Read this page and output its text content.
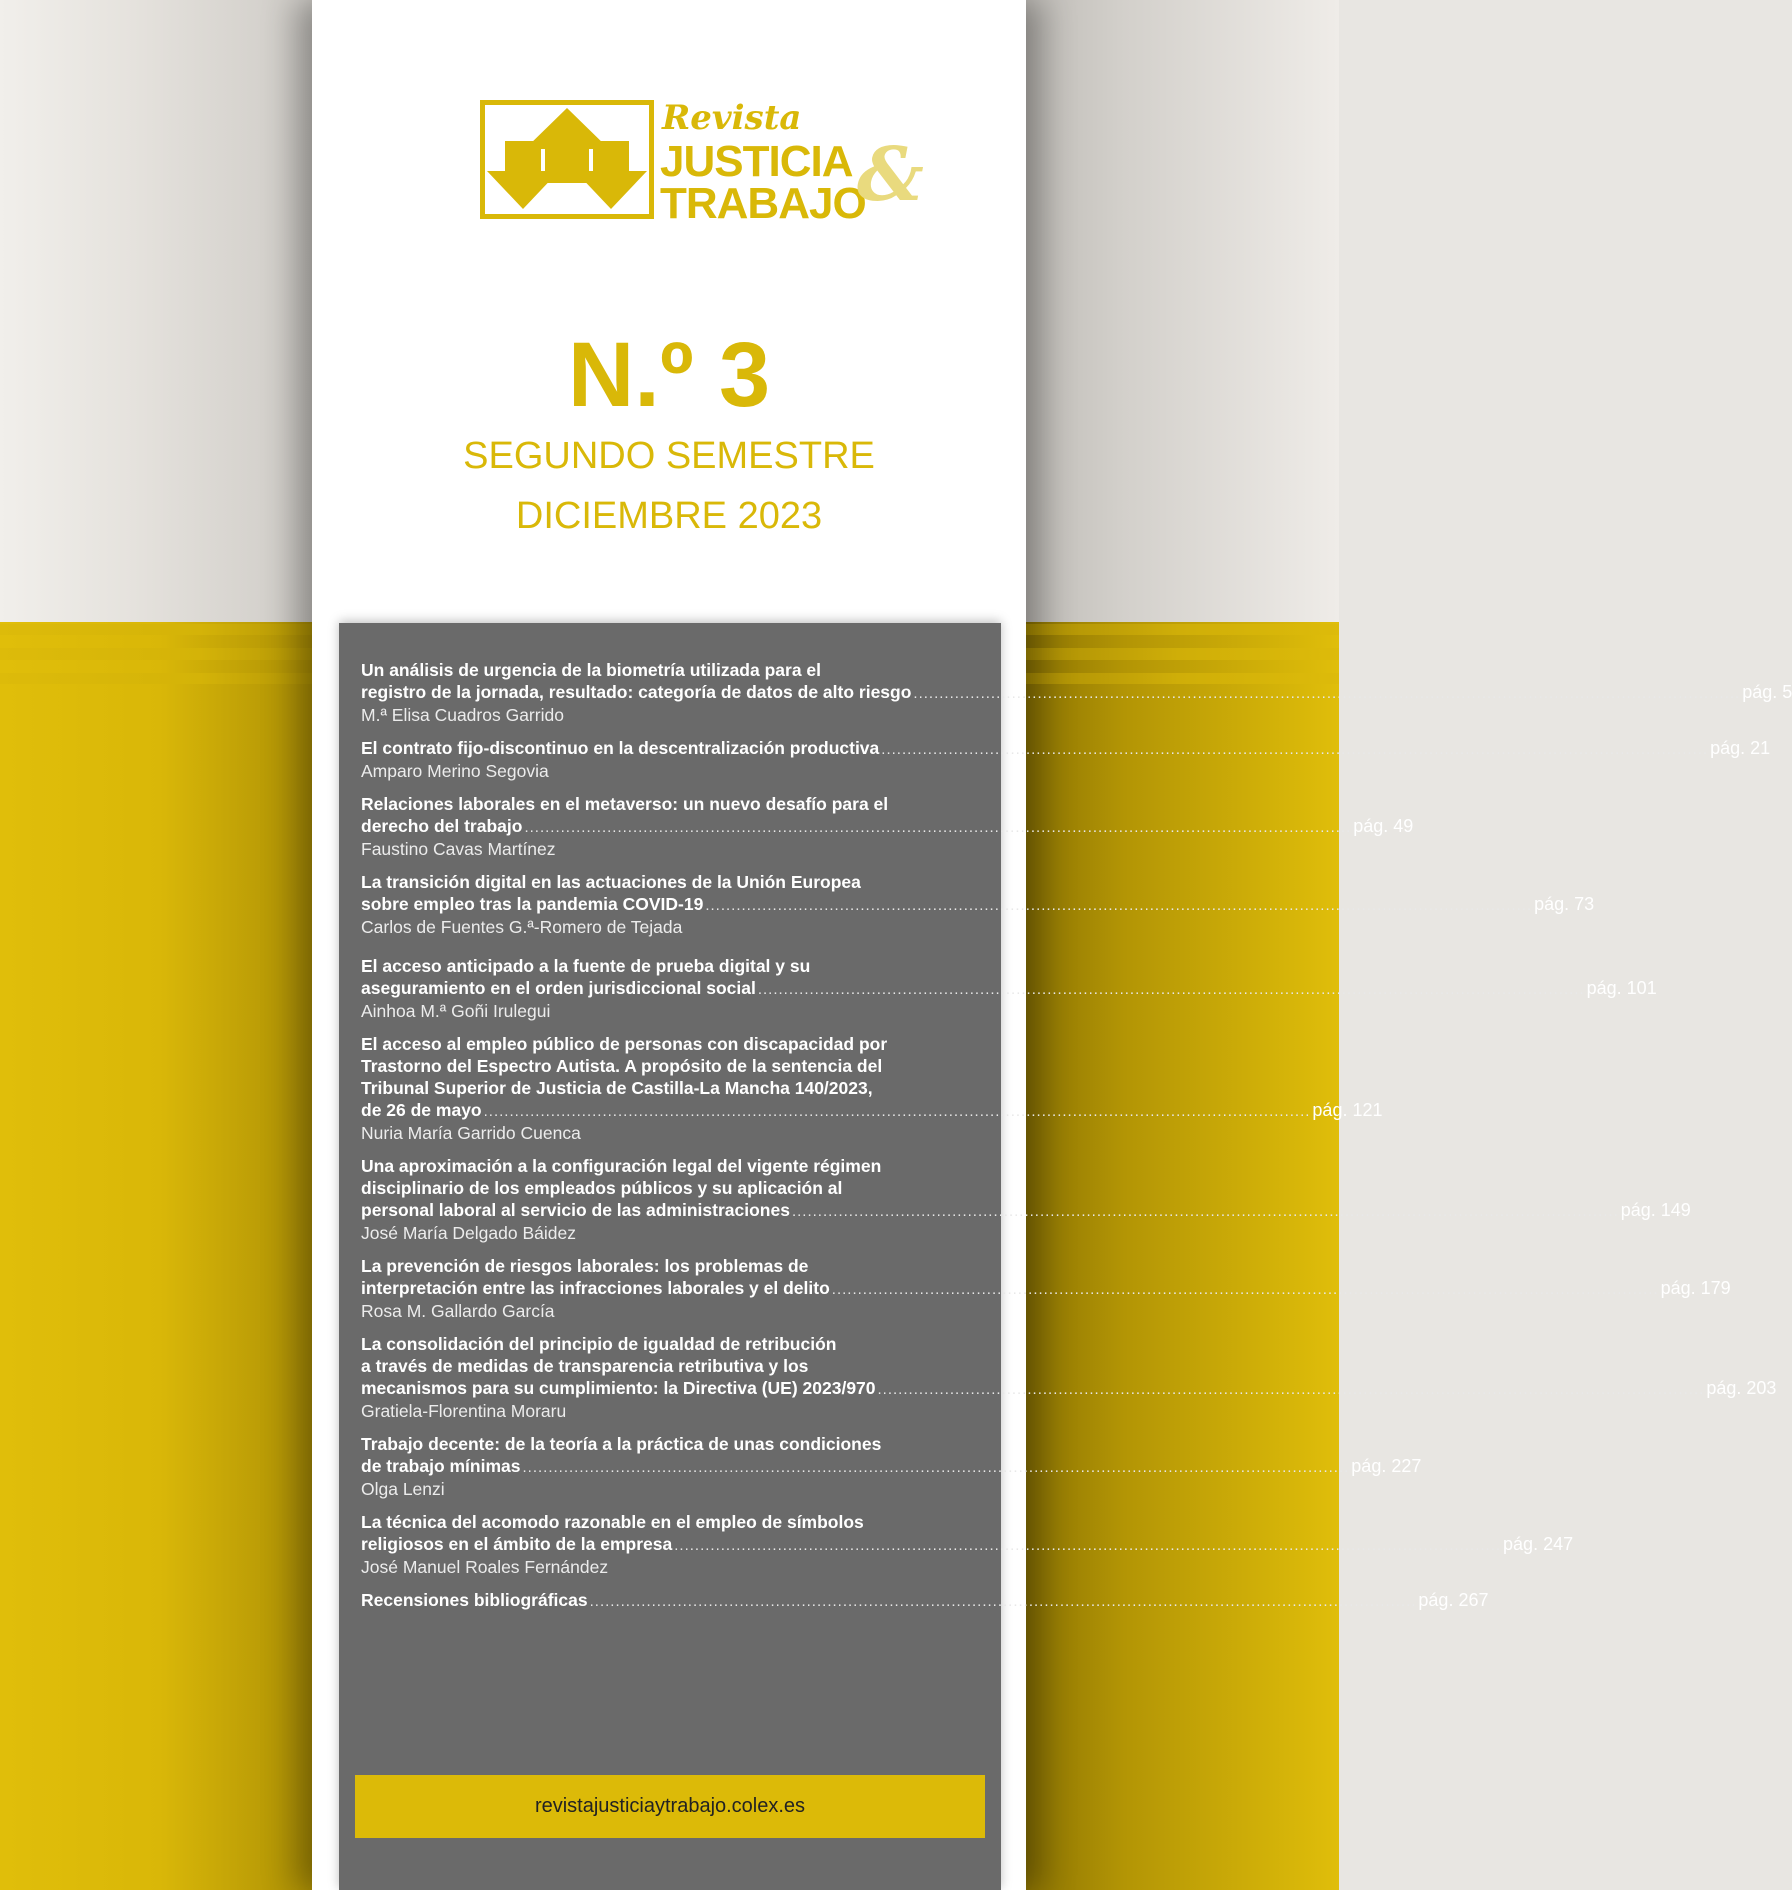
Revista
JUSTICIA
TRABAJO
&
N.º 3
SEGUNDO SEMESTRE
DICIEMBRE 2023
Un análisis de urgencia de la biometría utilizada para el
registro de la jornada, resultado: categoría de datos de alto riesgo ................................................................................................................................................................ pág. 5
M.ª Elisa Cuadros Garrido
El contrato fijo-discontinuo en la descentralización productiva ................................................................................................................................................................ pág. 21
Amparo Merino Segovia
Relaciones laborales en el metaverso: un nuevo desafío para el
derecho del trabajo ................................................................................................................................................................ pág. 49
Faustino Cavas Martínez
La transición digital en las actuaciones de la Unión Europea
sobre empleo tras la pandemia COVID-19 ................................................................................................................................................................ pág. 73
Carlos de Fuentes G.ª-Romero de Tejada
El acceso anticipado a la fuente de prueba digital y su
aseguramiento en el orden jurisdiccional social ................................................................................................................................................................ pág. 101
Ainhoa M.ª Goñi Irulegui
El acceso al empleo público de personas con discapacidad por
Trastorno del Espectro Autista. A propósito de la sentencia del
Tribunal Superior de Justicia de Castilla-La Mancha 140/2023,
de 26 de mayo ................................................................................................................................................................ pág. 121
Nuria María Garrido Cuenca
Una aproximación a la configuración legal del vigente régimen
disciplinario de los empleados públicos y su aplicación al
personal laboral al servicio de las administraciones ................................................................................................................................................................ pág. 149
José María Delgado Báidez
La prevención de riesgos laborales: los problemas de
interpretación entre las infracciones laborales y el delito ................................................................................................................................................................ pág. 179
Rosa M. Gallardo García
La consolidación del principio de igualdad de retribución
a través de medidas de transparencia retributiva y los
mecanismos para su cumplimiento: la Directiva (UE) 2023/970 ................................................................................................................................................................ pág. 203
Gratiela-Florentina Moraru
Trabajo decente: de la teoría a la práctica de unas condiciones
de trabajo mínimas ................................................................................................................................................................ pág. 227
Olga Lenzi
La técnica del acomodo razonable en el empleo de símbolos
religiosos en el ámbito de la empresa ................................................................................................................................................................ pág. 247
José Manuel Roales Fernández
Recensiones bibliográficas ................................................................................................................................................................ pág. 267
revistajusticiaytrabajo.colex.es
